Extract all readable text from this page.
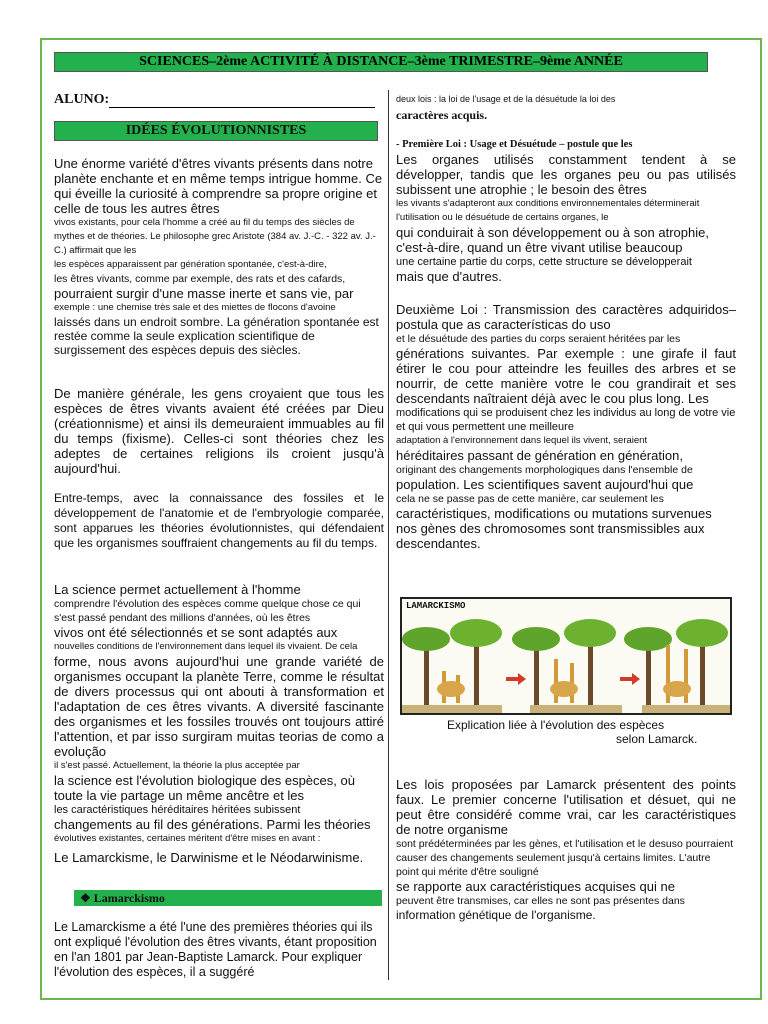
SCIENCES–2ème ACTIVITÉ À DISTANCE–3ème TRIMESTRE–9ème ANNÉE
ALUNO:
IDÉES ÉVOLUTIONNISTES

Une énorme variété d'êtres vivants présents dans notre planète enchante et en même temps intrigue homme. Ce qui éveille la curiosité à comprendre sa propre origine et celle de tous les autres êtres

vivos existants, pour cela l'homme a créé au fil du temps des siècles de mythes et de théories. Le philosophe grec Aristote (384 av. J.-C. - 322 av. J.-C.) affirmait que les

les espèces apparaissent par génération spontanée, c'est-à-dire,

les êtres vivants, comme par exemple, des rats et des cafards,

pourraient surgir d'une masse inerte et sans vie, par

exemple : une chemise très sale et des miettes de flocons d'avoine

laissés dans un endroit sombre. La génération spontanée est restée comme la seule explication scientifique de surgissement des espèces depuis des siècles.

De manière générale, les gens croyaient que tous les espèces de êtres vivants avaient été créées par Dieu (créationnisme) et ainsi ils demeuraient immuables au fil du temps (fixisme). Celles-ci sont théories chez les adeptes de certaines religions ils croient jusqu'à aujourd'hui.

Entre-temps, avec la connaissance des fossiles et le développement de l'anatomie et de l'embryologie comparée, sont apparues les théories évolutionnistes, qui défendaient que les organismes souffraient changements au fil du temps.

La science permet actuellement à l'homme

comprendre l'évolution des espèces comme quelque chose ce qui s'est passé pendant des millions d'années, où les êtres

vivos ont été sélectionnés et se sont adaptés aux

nouvelles conditions de l'environnement dans lequel ils vivaient. De cela

forme, nous avons aujourd'hui une grande variété de organismes occupant la planète Terre, comme le résultat de divers processus qui ont abouti à transformation et l'adaptation de ces êtres vivants. A diversité fascinante des organismes et les fossiles trouvés ont toujours attiré l'attention, et par isso surgiram muitas teorias de como a evolução

il s'est passé. Actuellement, la théorie la plus acceptée par

la science est l'évolution biologique des espèces, où toute la vie partage un même ancêtre et les

les caractéristiques héréditaires héritées subissent

changements au fil des générations. Parmi les théories

évolutives existantes, certaines méritent d'être mises en avant :

Le Lamarckisme, le Darwinisme et le Néodarwinisme.

❖ Lamarckismo

Le Lamarckisme a été l'une des premières théories qui ils ont expliqué l'évolution des êtres vivants, étant proposition en l'an 1801 par Jean-Baptiste Lamarck. Pour expliquer l'évolution des espèces, il a suggéré

deux lois : la loi de l'usage et de la désuétude la loi des

caractères acquis.

- Première Loi : Usage et Désuétude – postule que les

Les organes utilisés constamment tendent à se développer, tandis que les organes peu ou pas utilisés subissent une atrophie ; le besoin des êtres

les vivants s'adapteront aux conditions environnementales déterminerait l'utilisation ou le désuétude de certains organes, le

qui conduirait à son développement ou à son atrophie, c'est-à-dire, quand un être vivant utilise beaucoup

une certaine partie du corps, cette structure se développerait

mais que d'autres.

Deuxième Loi : Transmission des caractères adquiridos–postula que as características do uso

et le désuétude des parties du corps seraient héritées par les

générations suivantes. Par exemple : une girafe il faut étirer le cou pour atteindre les feuilles des arbres et se nourrir, de cette manière votre le cou grandirait et ses descendants naîtraient déjà avec le cou plus long. Les

modifications qui se produisent chez les individus au long de votre vie et qui vous permettent une meilleure

adaptation à l'environnement dans lequel ils vivent, seraient

héréditaires passant de génération en génération,

originant des changements morphologiques dans l'ensemble de

population. Les scientifiques savent aujourd'hui que

cela ne se passe pas de cette manière, car seulement les

caractéristiques, modifications ou mutations survenues nos gènes des chromosomes sont transmissibles aux descendantes.

LAMARCKISMO
Explication liée à l'évolution des espèces
selon Lamarck.

Les lois proposées par Lamarck présentent des points faux. Le premier concerne l'utilisation et désuet, qui ne peut être considéré comme vrai, car les caractéristiques de notre organisme

sont prédéterminées par les gènes, et l'utilisation et le desuso pourraient causer des changements seulement jusqu'à certains limites. L'autre point qui mérite d'être souligné

se rapporte aux caractéristiques acquises qui ne

peuvent être transmises, car elles ne sont pas présentes dans

information génétique de l'organisme.
